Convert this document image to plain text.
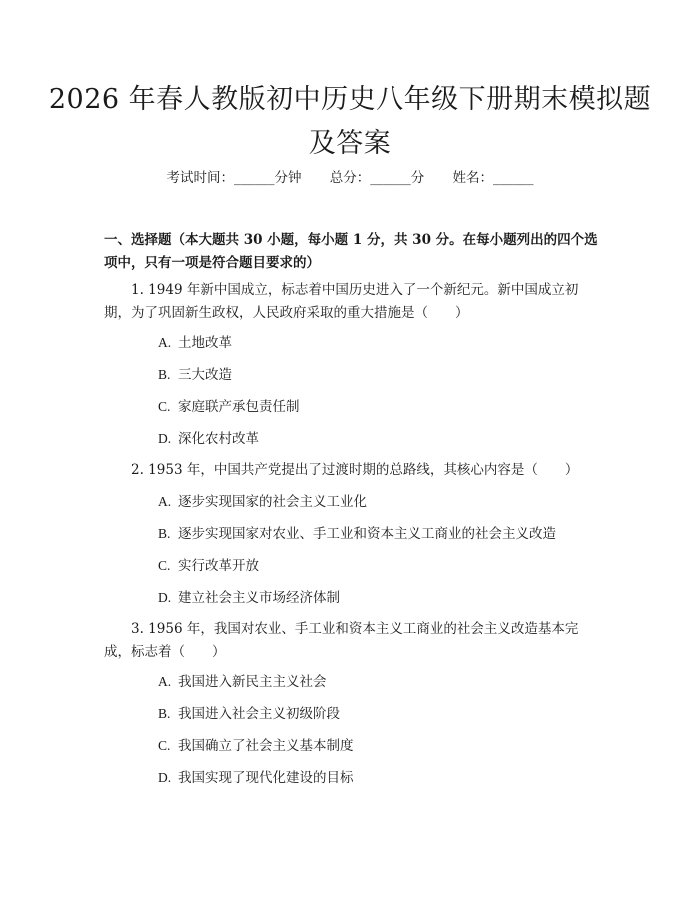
2026 年春人教版初中历史八年级下册期末模拟题及答案
考试时间：______分钟 总分：______分 姓名：______
一、选择题（本大题共 30 小题，每小题 1 分，共 30 分。在每小题列出的四个选项中，只有一项是符合题目要求的）
1. 1949 年新中国成立，标志着中国历史进入了一个新纪元。新中国成立初期，为了巩固新生政权，人民政府采取的重大措施是（　　）
A. 土地改革
B. 三大改造
C. 家庭联产承包责任制
D. 深化农村改革
2. 1953 年，中国共产党提出了过渡时期的总路线，其核心内容是（　　）
A. 逐步实现国家的社会主义工业化
B. 逐步实现国家对农业、手工业和资本主义工商业的社会主义改造
C. 实行改革开放
D. 建立社会主义市场经济体制
3. 1956 年，我国对农业、手工业和资本主义工商业的社会主义改造基本完成，标志着（　　）
A. 我国进入新民主主义社会
B. 我国进入社会主义初级阶段
C. 我国确立了社会主义基本制度
D. 我国实现了现代化建设的目标
